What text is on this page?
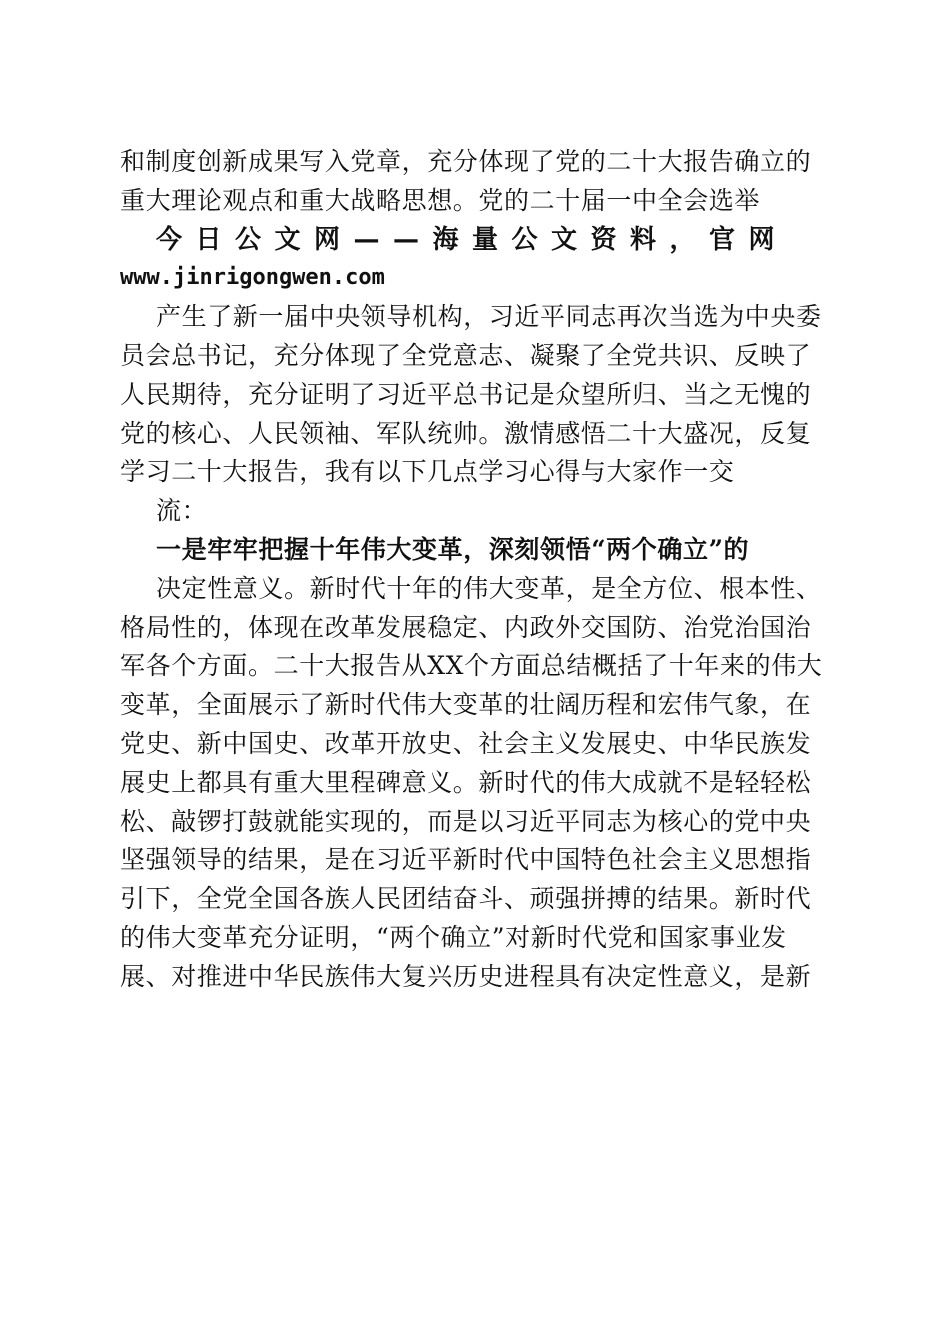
和制度创新成果写入党章，充分体现了党的二十大报告确立的
重大理论观点和重大战略思想。党的二十届一中全会选举
今日公文网——海量公文资料，官网
www.jinrigongwen.com
产生了新一届中央领导机构，习近平同志再次当选为中央委
员会总书记，充分体现了全党意志、凝聚了全党共识、反映了
人民期待，充分证明了习近平总书记是众望所归、当之无愧的
党的核心、人民领袖、军队统帅。激情感悟二十大盛况，反复
学习二十大报告，我有以下几点学习心得与大家作一交
流：
一是牢牢把握十年伟大变革，深刻领悟“两个确立”的
决定性意义。新时代十年的伟大变革，是全方位、根本性、
格局性的，体现在改革发展稳定、内政外交国防、治党治国治
军各个方面。二十大报告从XX个方面总结概括了十年来的伟大
变革，全面展示了新时代伟大变革的壮阔历程和宏伟气象，在
党史、新中国史、改革开放史、社会主义发展史、中华民族发
展史上都具有重大里程碑意义。新时代的伟大成就不是轻轻松
松、敲锣打鼓就能实现的，而是以习近平同志为核心的党中央
坚强领导的结果，是在习近平新时代中国特色社会主义思想指
引下，全党全国各族人民团结奋斗、顽强拼搏的结果。新时代
的伟大变革充分证明，“两个确立”对新时代党和国家事业发
展、对推进中华民族伟大复兴历史进程具有决定性意义，是新
